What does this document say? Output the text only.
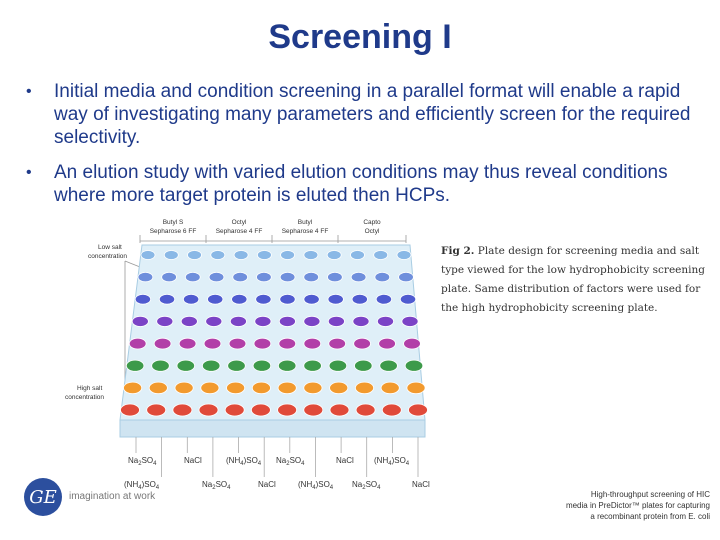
Screening I
•	Initial media and condition screening in a parallel format will enable a rapid way of investigating many parameters and efficiently screen for the required selectivity.
•	An elution study with varied elution conditions may thus reveal conditions where more target protein is eluted then HCPs.
Butyl S
Sepharose 6 FF
Octyl
Sepharose 4 FF
Butyl
Sepharose 4 FF
Capto
Octyl
Low salt
concentration
High salt
concentration
$Na_2SO_4$	NaCl	$(NH_4)SO_4$ $Na_2SO_4$	NaCl	$(NH_4)SO_4$
$(NH_4)SO_4$	$Na_2SO_4$	NaCl	$(NH_4)SO_4$ $Na_2SO_4$	NaCl
Fig 2. Plate design for screening media and salt type viewed for the low hydrophobicity screening plate. Same distribution of factors were used for the high hydrophobicity screening plate.
High-throughput screening of HIC
media in PreDictor™ plates for capturing
a recombinant protein from E. coli
GE	imagination at work
